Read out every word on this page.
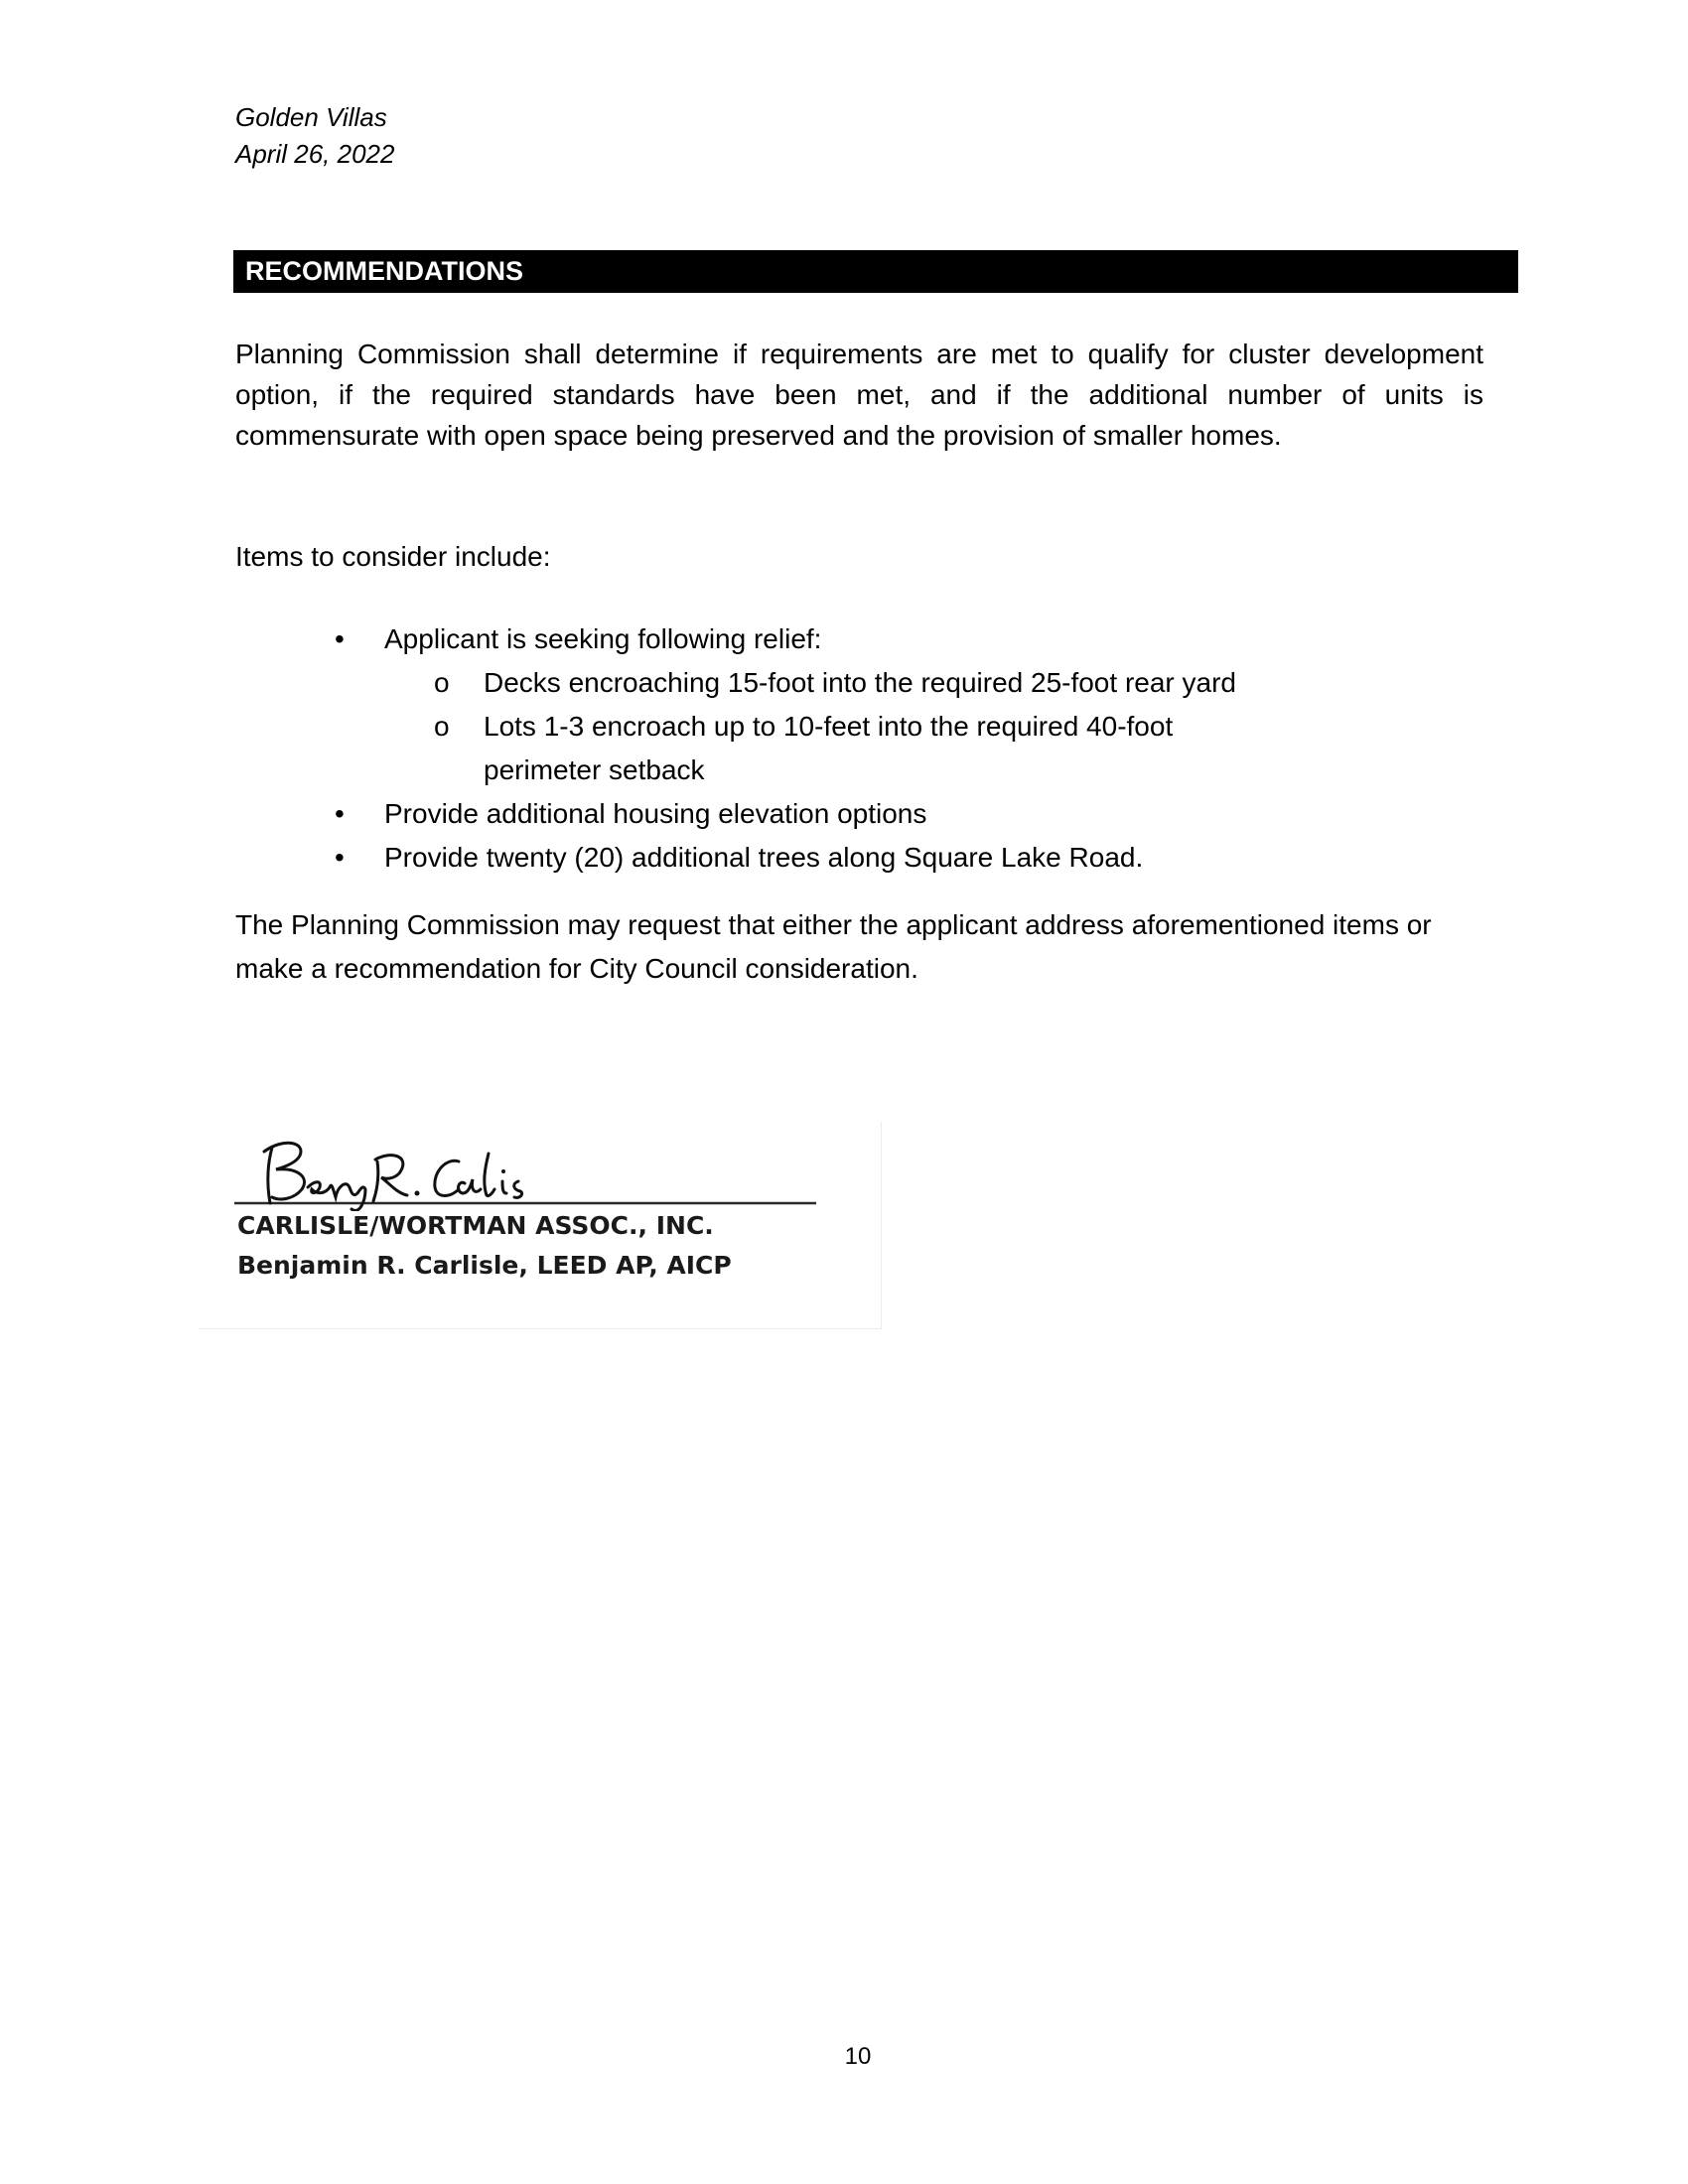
Golden Villas
April 26, 2022
RECOMMENDATIONS
Planning Commission shall determine if requirements are met to qualify for cluster development option, if the required standards have been met, and if the additional number of units is commensurate with open space being preserved and the provision of smaller homes.
Items to consider include:
• Applicant is seeking following relief:
o Decks encroaching 15-foot into the required 25-foot rear yard
o Lots 1-3 encroach up to 10-feet into the required 40-foot perimeter setback
• Provide additional housing elevation options
• Provide twenty (20) additional trees along Square Lake Road.
The Planning Commission may request that either the applicant address aforementioned items or make a recommendation for City Council consideration.
CARLISLE/WORTMAN ASSOC., INC.
Benjamin R. Carlisle, LEED AP, AICP
10
